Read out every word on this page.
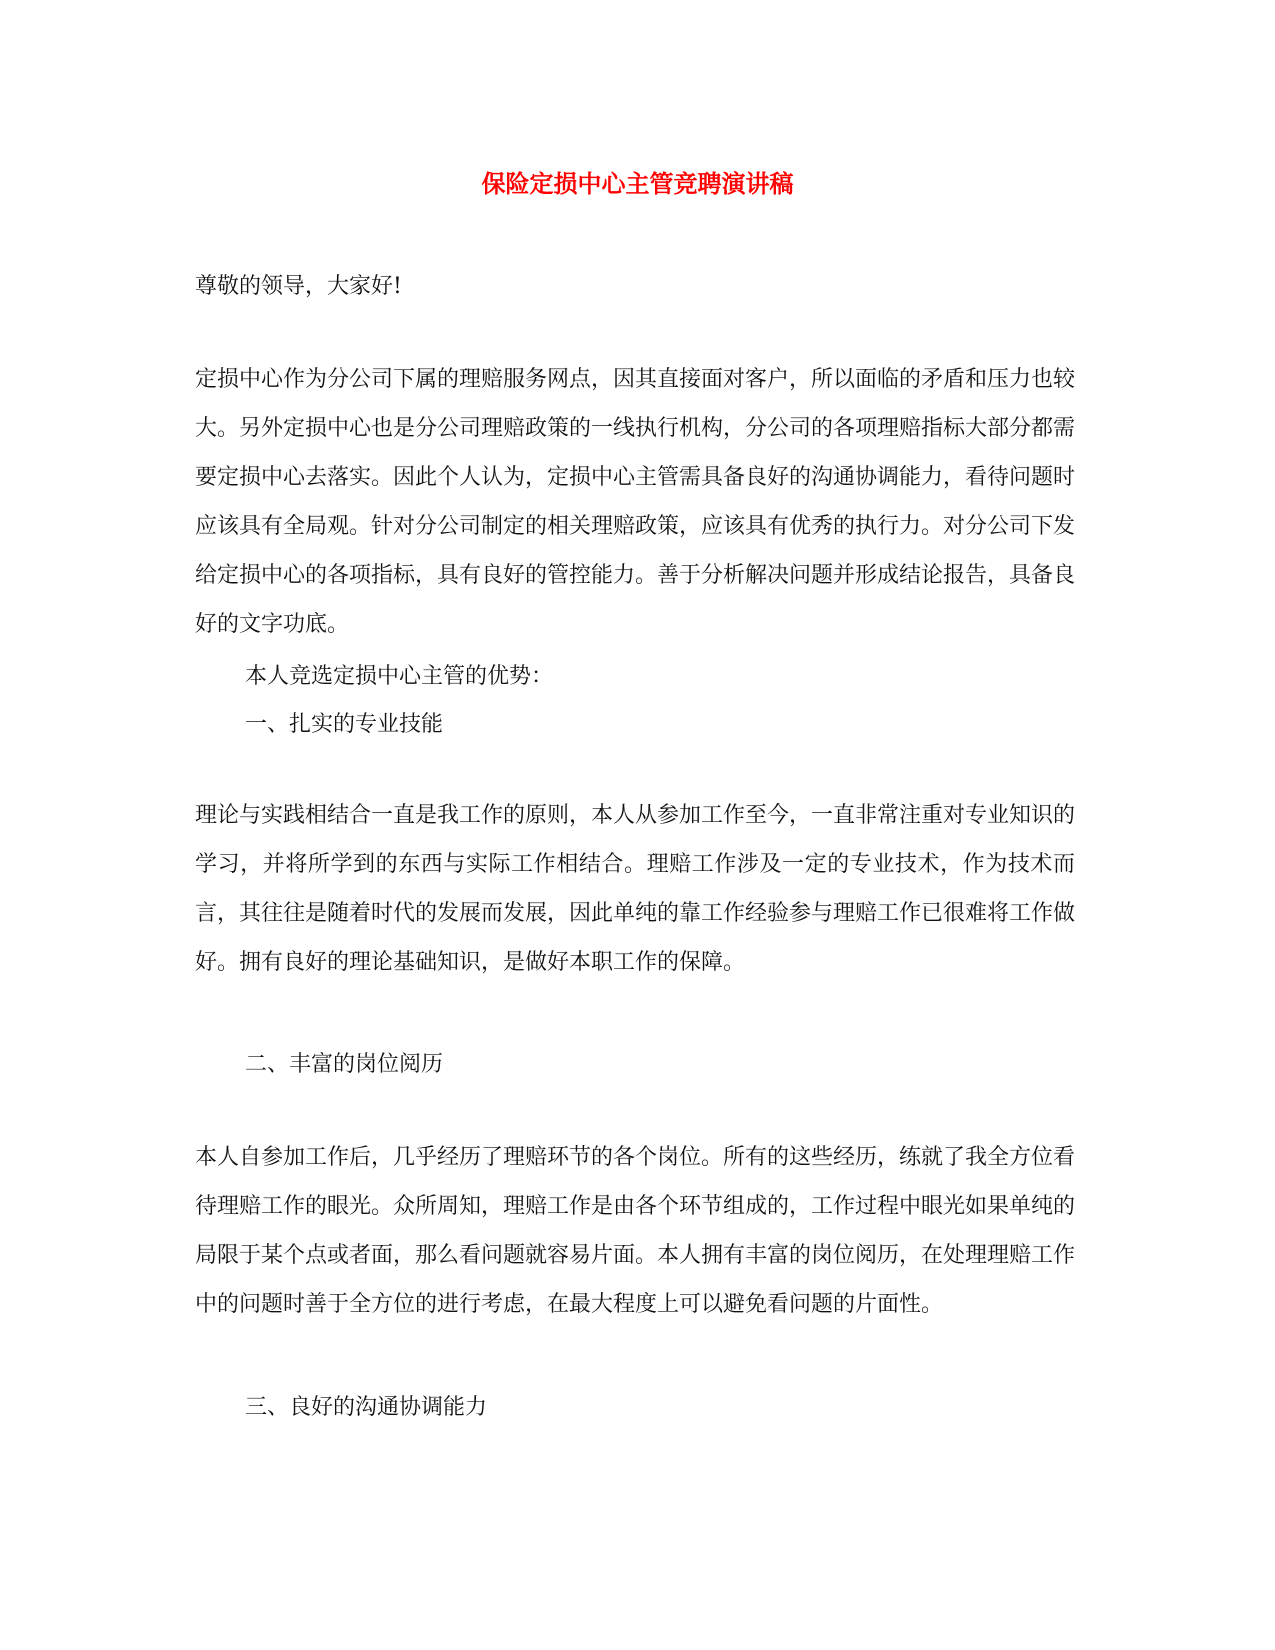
保险定损中心主管竞聘演讲稿

尊敬的领导，大家好!

定损中心作为分公司下属的理赔服务网点，因其直接面对客户，所以面临的矛盾和压力也较大。另外定损中心也是分公司理赔政策的一线执行机构，分公司的各项理赔指标大部分都需要定损中心去落实。因此个人认为，定损中心主管需具备良好的沟通协调能力，看待问题时应该具有全局观。针对分公司制定的相关理赔政策，应该具有优秀的执行力。对分公司下发给定损中心的各项指标，具有良好的管控能力。善于分析解决问题并形成结论报告，具备良好的文字功底。

本人竞选定损中心主管的优势：

一、扎实的专业技能

理论与实践相结合一直是我工作的原则，本人从参加工作至今，一直非常注重对专业知识的学习，并将所学到的东西与实际工作相结合。理赔工作涉及一定的专业技术，作为技术而言，其往往是随着时代的发展而发展，因此单纯的靠工作经验参与理赔工作已很难将工作做好。拥有良好的理论基础知识，是做好本职工作的保障。

二、丰富的岗位阅历

本人自参加工作后，几乎经历了理赔环节的各个岗位。所有的这些经历，练就了我全方位看待理赔工作的眼光。众所周知，理赔工作是由各个环节组成的，工作过程中眼光如果单纯的局限于某个点或者面，那么看问题就容易片面。本人拥有丰富的岗位阅历，在处理理赔工作中的问题时善于全方位的进行考虑，在最大程度上可以避免看问题的片面性。

三、良好的沟通协调能力
